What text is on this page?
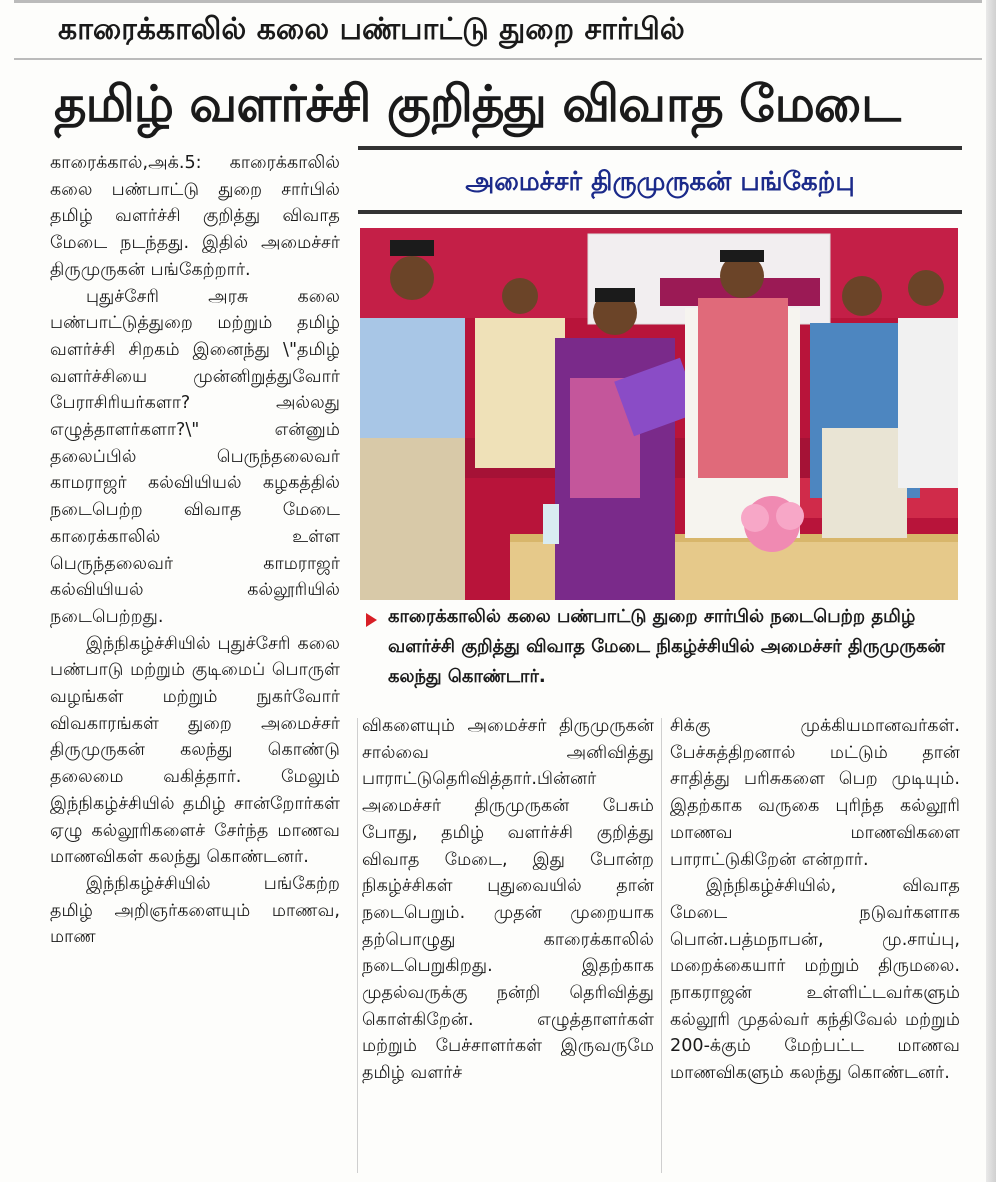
காரைக்காலில் கலை பண்பாட்டு துறை சார்பில்
தமிழ் வளர்ச்சி குறித்து விவாத மேடை

காரைக்கால்,அக்.5: காரைக்காலில் கலை பண்பாட்டு துறை சார்பில் தமிழ் வளர்ச்சி குறித்து விவாத மேடை நடந்தது. இதில் அமைச்சர் திருமுருகன் பங்கேற்றார்.

புதுச்சேரி அரசு கலை பண்பாட்டுத்துறை மற்றும் தமிழ் வளர்ச்சி சிறகம் இனைந்து \"தமிழ் வளர்ச்சியை முன்னிறுத்துவோர் பேராசிரியர்களா? அல்லது எழுத்தாளர்களா?\" என்னும் தலைப்பில் பெருந்தலைவர் காமராஜர் கல்வியியல் கழகத்தில் நடைபெற்ற விவாத மேடை காரைக்காலில் உள்ள பெருந்தலைவர் காமராஜர் கல்வியியல் கல்லூரியில் நடைபெற்றது.

இந்நிகழ்ச்சியில் புதுச்சேரி கலை பண்பாடு மற்றும் குடிமைப் பொருள் வழங்கள் மற்றும் நுகர்வோர் விவகாரங்கள் துறை அமைச்சர் திருமுருகன் கலந்து கொண்டு தலைமை வகித்தார். மேலும் இந்நிகழ்ச்சியில் தமிழ் சான்றோர்கள் ஏழு கல்லூரிகளைச் சேர்ந்த மாணவ மாணவிகள் கலந்து கொண்டனர்.

இந்நிகழ்ச்சியில் பங்கேற்ற தமிழ் அறிஞர்களையும் மாணவ, மாண

அமைச்சர் திருமுருகன் பங்கேற்பு
காரைக்காலில் கலை பண்பாட்டு துறை சார்பில் நடைபெற்ற தமிழ் வளர்ச்சி குறித்து விவாத மேடை நிகழ்ச்சியில் அமைச்சர் திருமுருகன் கலந்து கொண்டார்.

விகளையும் அமைச்சர் திருமுருகன் சால்வை அனிவித்து பாராட்டுதெரிவித்தார்.பின்னர் அமைச்சர் திருமுருகன் பேசும் போது, தமிழ் வளர்ச்சி குறித்து விவாத மேடை, இது போன்ற நிகழ்ச்சிகள் புதுவையில் தான் நடைபெறும். முதன் முறையாக தற்பொழுது காரைக்காலில் நடைபெறுகிறது. இதற்காக முதல்வருக்கு நன்றி தெரிவித்து கொள்கிறேன். எழுத்தாளர்கள் மற்றும் பேச்சாளர்கள் இருவருமே தமிழ் வளர்ச்

சிக்கு முக்கியமானவர்கள். பேச்சுத்திறனால் மட்டும் தான் சாதித்து பரிசுகளை பெற முடியும். இதற்காக வருகை புரிந்த கல்லூரி மாணவ மாணவிகளை பாராட்டுகிறேன் என்றார்.

இந்நிகழ்ச்சியில், விவாத மேடை நடுவர்களாக பொன்.பத்மநாபன், மு.சாய்பு, மறைக்கையார் மற்றும் திருமலை. நாகராஜன் உள்ளிட்டவர்களும் கல்லூரி முதல்வர் கந்திவேல் மற்றும் 200-க்கும் மேற்பட்ட மாணவ மாணவிகளும் கலந்து கொண்டனர்.
